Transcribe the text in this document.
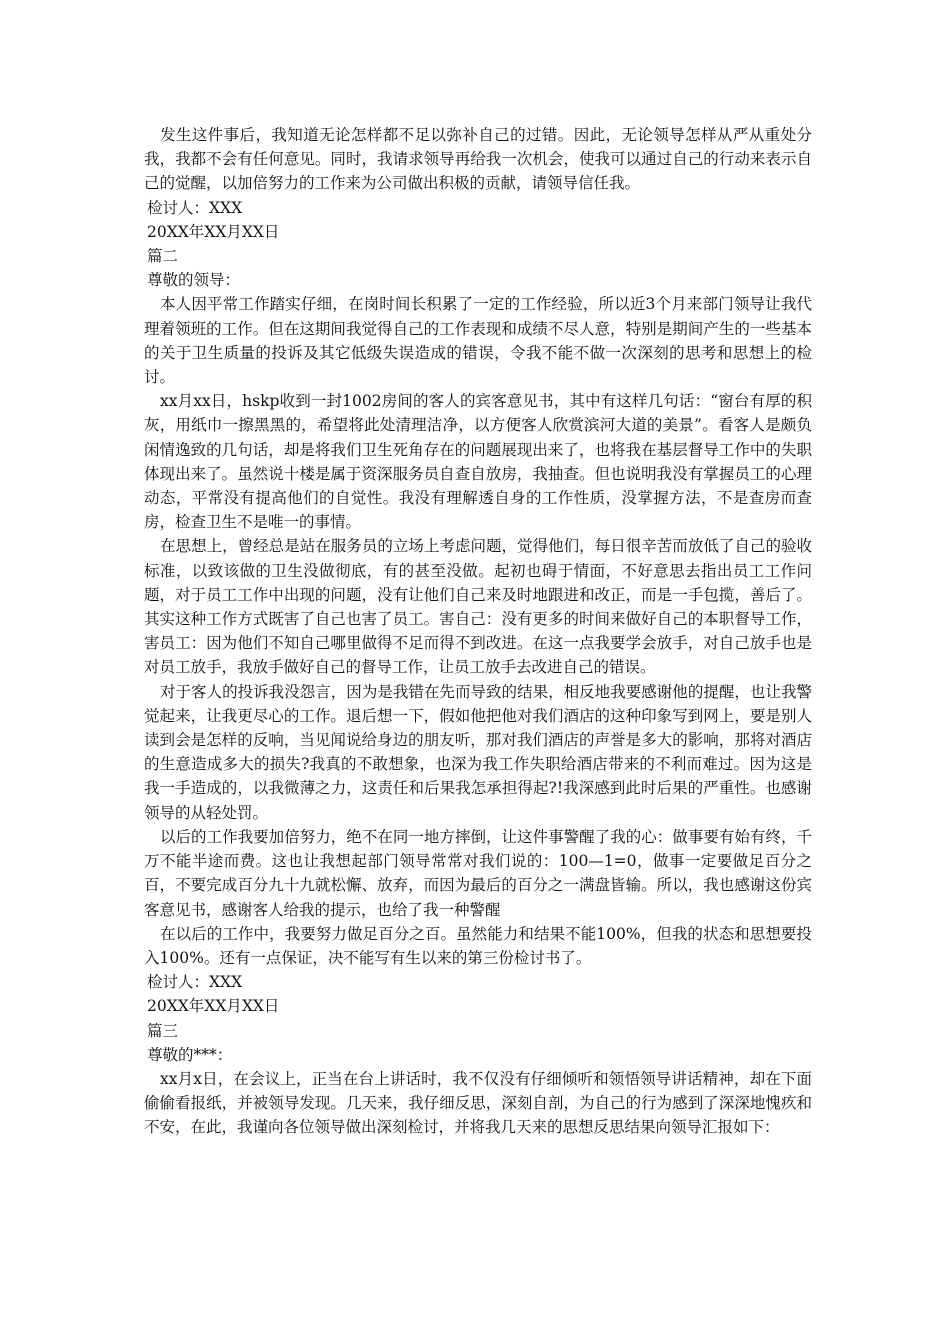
发生这件事后，我知道无论怎样都不足以弥补自己的过错。因此，无论领导怎样从严从重处分我，我都不会有任何意见。同时，我请求领导再给我一次机会，使我可以通过自己的行动来表示自己的觉醒，以加倍努力的工作来为公司做出积极的贡献，请领导信任我。

检讨人：XXX

20XX年XX月XX日

篇二

尊敬的领导：

本人因平常工作踏实仔细，在岗时间长积累了一定的工作经验，所以近3个月来部门领导让我代理着领班的工作。但在这期间我觉得自己的工作表现和成绩不尽人意，特别是期间产生的一些基本的关于卫生质量的投诉及其它低级失误造成的错误，令我不能不做一次深刻的思考和思想上的检讨。

xx月xx日，hskp收到一封1002房间的客人的宾客意见书，其中有这样几句话：“窗台有厚的积灰，用纸巾一擦黑黑的，希望将此处清理洁净，以方便客人欣赏滨河大道的美景”。看客人是颇负闲情逸致的几句话，却是将我们卫生死角存在的问题展现出来了，也将我在基层督导工作中的失职体现出来了。虽然说十楼是属于资深服务员自查自放房，我抽查。但也说明我没有掌握员工的心理动态，平常没有提高他们的自觉性。我没有理解透自身的工作性质，没掌握方法，不是查房而查房，检查卫生不是唯一的事情。

在思想上，曾经总是站在服务员的立场上考虑问题，觉得他们，每日很辛苦而放低了自己的验收标准，以致该做的卫生没做彻底，有的甚至没做。起初也碍于情面，不好意思去指出员工工作问题，对于员工工作中出现的问题，没有让他们自己来及时地跟进和改正，而是一手包揽，善后了。其实这种工作方式既害了自己也害了员工。害自己：没有更多的时间来做好自己的本职督导工作，害员工：因为他们不知自己哪里做得不足而得不到改进。在这一点我要学会放手，对自己放手也是对员工放手，我放手做好自己的督导工作，让员工放手去改进自己的错误。

对于客人的投诉我没怨言，因为是我错在先而导致的结果，相反地我要感谢他的提醒，也让我警觉起来，让我更尽心的工作。退后想一下，假如他把他对我们酒店的这种印象写到网上，要是别人读到会是怎样的反响，当见闻说给身边的朋友听，那对我们酒店的声誉是多大的影响，那将对酒店的生意造成多大的损失?我真的不敢想象，也深为我工作失职给酒店带来的不利而难过。因为这是我一手造成的，以我微薄之力，这责任和后果我怎承担得起?!我深感到此时后果的严重性。也感谢领导的从轻处罚。

以后的工作我要加倍努力，绝不在同一地方摔倒，让这件事警醒了我的心：做事要有始有终，千万不能半途而费。这也让我想起部门领导常常对我们说的：100—1=0，做事一定要做足百分之百，不要完成百分九十九就松懈、放弃，而因为最后的百分之一满盘皆输。所以，我也感谢这份宾客意见书，感谢客人给我的提示，也给了我一种警醒

在以后的工作中，我要努力做足百分之百。虽然能力和结果不能100%，但我的状态和思想要投入100%。还有一点保证，决不能写有生以来的第三份检讨书了。

检讨人：XXX

20XX年XX月XX日

篇三

尊敬的***：

xx月x日，在会议上，正当在台上讲话时，我不仅没有仔细倾听和领悟领导讲话精神，却在下面偷偷看报纸，并被领导发现。几天来，我仔细反思，深刻自剖，为自己的行为感到了深深地愧疚和不安，在此，我谨向各位领导做出深刻检讨，并将我几天来的思想反思结果向领导汇报如下：
